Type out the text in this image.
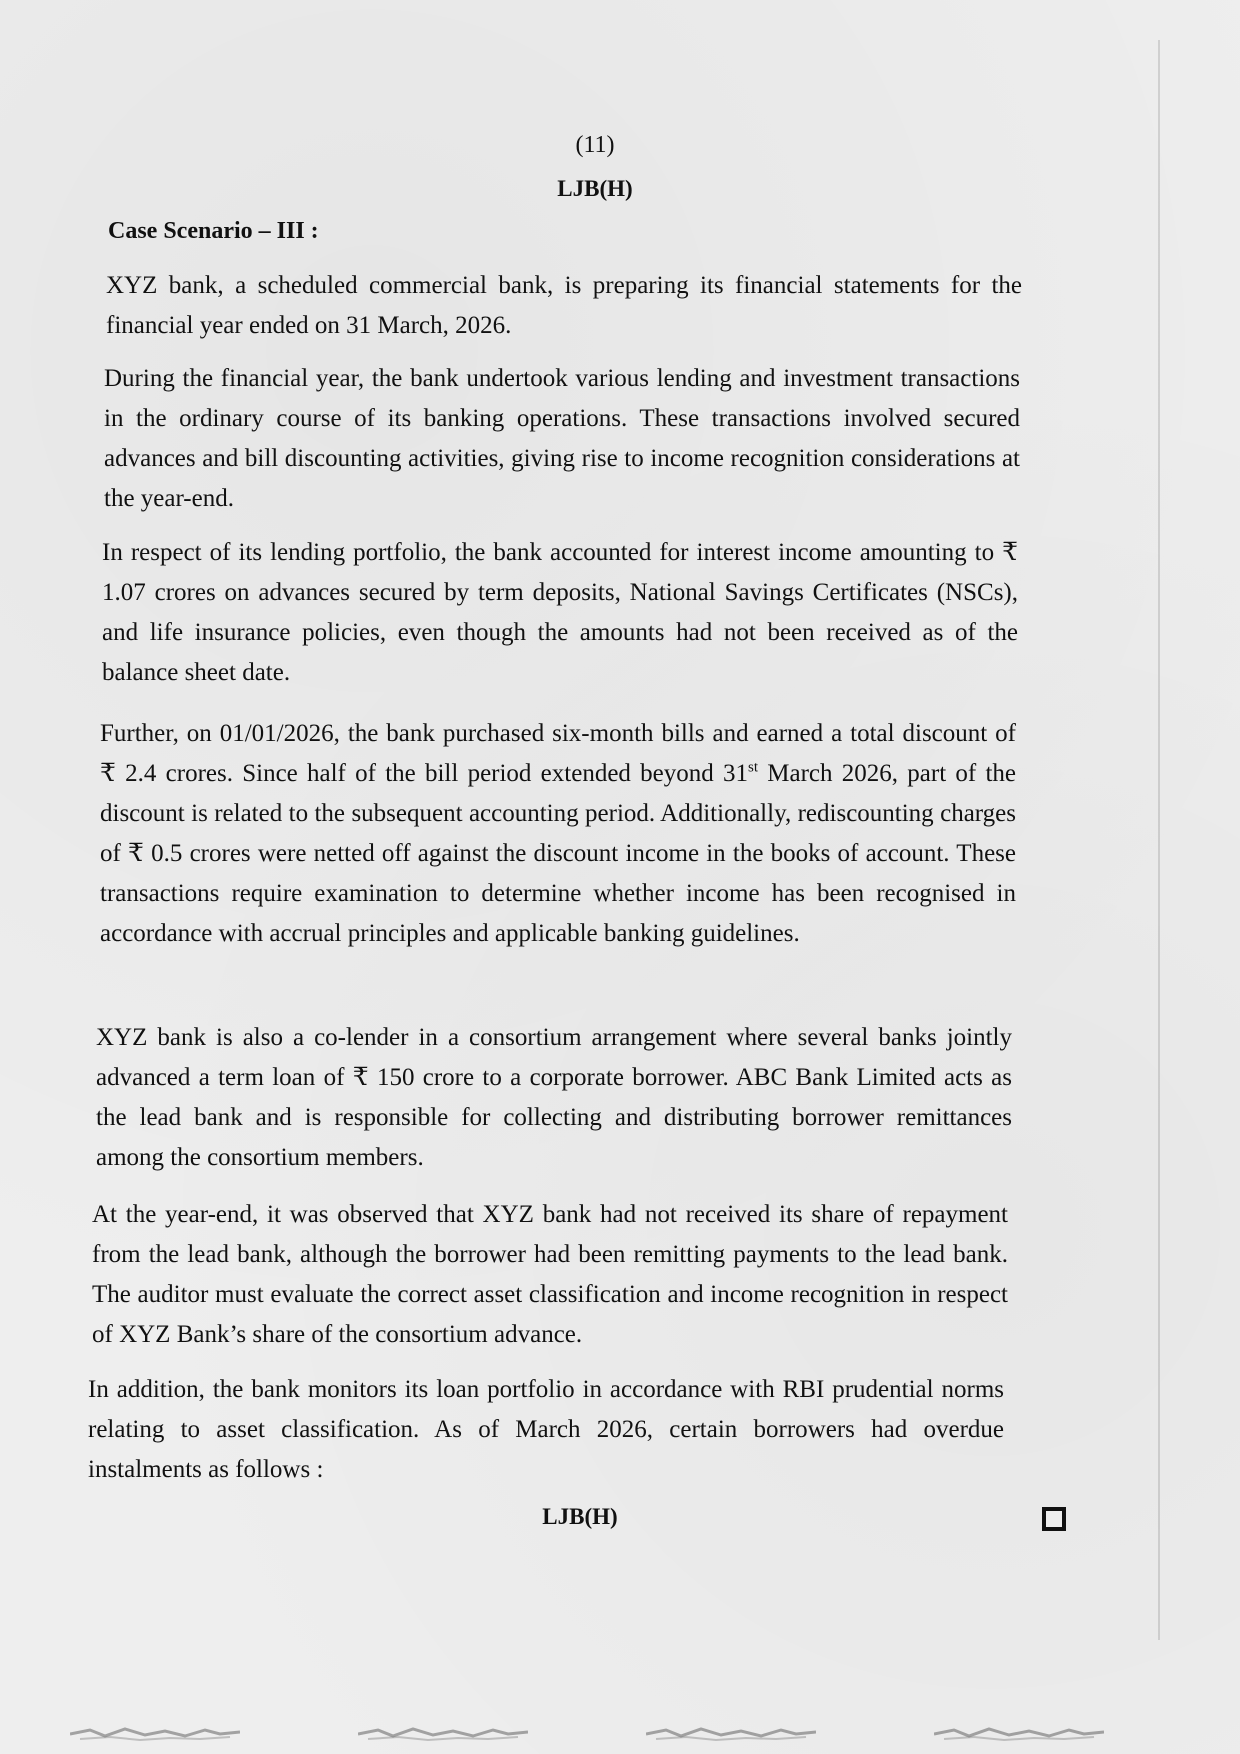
(11)
LJB(H)
Case Scenario – III :

XYZ bank, a scheduled commercial bank, is preparing its financial statements for the financial year ended on 31 March, 2026.

During the financial year, the bank undertook various lending and investment transactions in the ordinary course of its banking operations. These transactions involved secured advances and bill discounting activities, giving rise to income recognition considerations at the year-end.

In respect of its lending portfolio, the bank accounted for interest income amounting to ₹ 1.07 crores on advances secured by term deposits, National Savings Certificates (NSCs), and life insurance policies, even though the amounts had not been received as of the balance sheet date.

Further, on 01/01/2026, the bank purchased six-month bills and earned a total discount of ₹ 2.4 crores. Since half of the bill period extended beyond 31st March 2026, part of the discount is related to the subsequent accounting period. Additionally, rediscounting charges of ₹ 0.5 crores were netted off against the discount income in the books of account. These transactions require examination to determine whether income has been recognised in accordance with accrual principles and applicable banking guidelines.

XYZ bank is also a co-lender in a consortium arrangement where several banks jointly advanced a term loan of ₹ 150 crore to a corporate borrower. ABC Bank Limited acts as the lead bank and is responsible for collecting and distributing borrower remittances among the consortium members.

At the year-end, it was observed that XYZ bank had not received its share of repayment from the lead bank, although the borrower had been remitting payments to the lead bank. The auditor must evaluate the correct asset classification and income recognition in respect of XYZ Bank’s share of the consortium advance.

In addition, the bank monitors its loan portfolio in accordance with RBI prudential norms relating to asset classification. As of March 2026, certain borrowers had overdue instalments as follows :

LJB(H)
